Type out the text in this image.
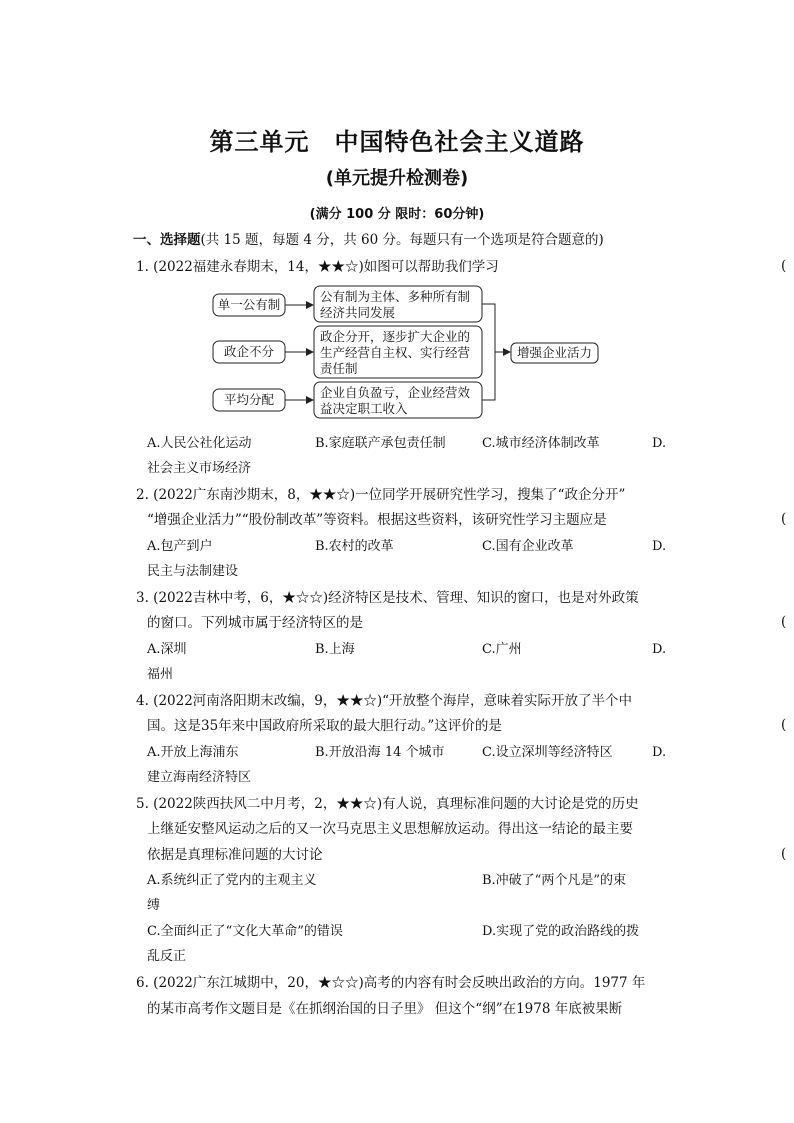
第三单元　中国特色社会主义道路
(单元提升检测卷)
(满分 100 分 限时：60分钟)
一、选择题(共 15 题，每题 4 分，共 60 分。每题只有一个选项是符合题意的)
1. (2022福建永春期末，14，★★☆)如图可以帮助我们学习	(
单一公有制
政企不分
平均分配
公有制为主体、多种所有制
经济共同发展
政企分开，逐步扩大企业的
生产经营自主权、实行经营
责任制
企业自负盈亏，企业经营效
益决定职工收入
增强企业活力
A.人民公社化运动	B.家庭联产承包责任制	C.城市经济体制改革	D.
社会主义市场经济
2. (2022广东南沙期末，8，★★☆)一位同学开展研究性学习，搜集了“政企分开”
“增强企业活力”“股份制改革”等资料。根据这些资料，该研究性学习主题应是	(
A.包产到户	B.农村的改革	C.国有企业改革	D.
民主与法制建设
3. (2022吉林中考，6，★☆☆)经济特区是技术、管理、知识的窗口，也是对外政策
的窗口。下列城市属于经济特区的是	(
A.深圳	B.上海	C.广州	D.
福州
4. (2022河南洛阳期末改编，9，★★☆)“开放整个海岸，意味着实际开放了半个中
国。这是35年来中国政府所采取的最大胆行动。”这评价的是	(
A.开放上海浦东	B.开放沿海 14 个城市	C.设立深圳等经济特区	D.
建立海南经济特区
5. (2022陕西扶风二中月考，2，★★☆)有人说，真理标准问题的大讨论是党的历史
上继延安整风运动之后的又一次马克思主义思想解放运动。得出这一结论的最主要
依据是真理标准问题的大讨论	(
A.系统纠正了党内的主观主义	B.冲破了“两个凡是”的束
缚
C.全面纠正了“文化大革命”的错误	D.实现了党的政治路线的拨
乱反正
6. (2022广东江城期中，20，★☆☆)高考的内容有时会反映出政治的方向。1977 年
的某市高考作文题目是《在抓纲治国的日子里》 但这个“纲”在1978 年底被果断
